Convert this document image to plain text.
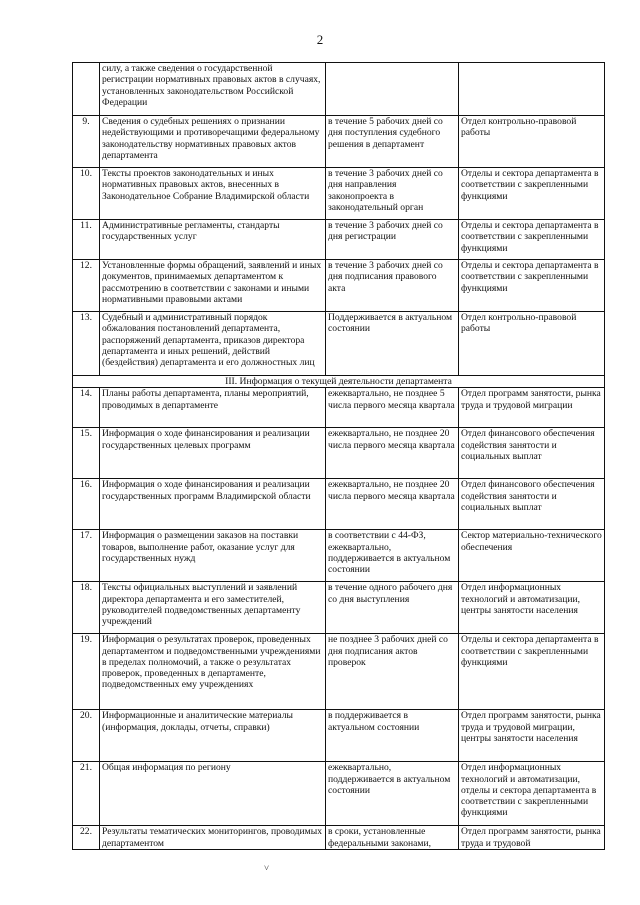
2
	силу, а также сведения о государственной регистрации нормативных правовых актов в случаях, установленных законодательством Российской Федерации		
9.	Сведения о судебных решениях о признании недействующими и противоречащими федеральному законодательству нормативных правовых актов департамента	в течение 5 рабочих дней со дня поступления судебного решения в департамент	Отдел контрольно-правовой работы
10.	Тексты проектов законодательных и иных нормативных правовых актов, внесенных в Законодательное Собрание Владимирской области	в течение 3 рабочих дней со дня направления законопроекта в законодательный орган	Отделы и сектора департамента в соответствии с закрепленными функциями
11.	Административные регламенты, стандарты государственных услуг	в течение 3 рабочих дней со дня регистрации	Отделы и сектора департамента в соответствии с закрепленными функциями
12.	Установленные формы обращений, заявлений и иных документов, принимаемых департаментом к рассмотрению в соответствии с законами и иными нормативными правовыми актами	в течение 3 рабочих дней со дня подписания правового акта	Отделы и сектора департамента в соответствии с закрепленными функциями
13.	Судебный и административный порядок обжалования постановлений департамента, распоряжений департамента, приказов директора департамента и иных решений, действий (бездействия) департамента и его должностных лиц	Поддерживается в актуальном состоянии	Отдел контрольно-правовой работы
III. Информация о текущей деятельности департамента			
14.	Планы работы департамента, планы мероприятий, проводимых в департаменте	ежеквартально, не позднее 5 числа первого месяца квартала	Отдел программ занятости, рынка труда и трудовой миграции
15.	Информация о ходе финансирования и реализации государственных целевых программ	ежеквартально, не позднее 20 числа первого месяца квартала	Отдел финансового обеспечения содействия занятости и социальных выплат
16.	Информация о ходе финансирования и реализации государственных программ Владимирской области	ежеквартально, не позднее 20 числа первого месяца квартала	Отдел финансового обеспечения содействия занятости и социальных выплат
17.	Информация о размещении заказов на поставки товаров, выполнение работ, оказание услуг для государственных нужд	в соответствии с 44-ФЗ, ежеквартально, поддерживается в актуальном состоянии	Сектор материально-технического обеспечения
18.	Тексты официальных выступлений и заявлений директора департамента и его заместителей, руководителей подведомственных департаменту учреждений	в течение одного рабочего дня со дня выступления	Отдел информационных технологий и автоматизации, центры занятости населения
19.	Информация о результатах проверок, проведенных департаментом и подведомственными учреждениями в пределах полномочий, а также о результатах проверок, проведенных в департаменте, подведомственных ему учреждениях	не позднее 3 рабочих дней со дня подписания актов проверок	Отделы и сектора департамента в соответствии с закрепленными функциями
20.	Информационные и аналитические материалы (информация, доклады, отчеты, справки)	в поддерживается в актуальном состоянии	Отдел программ занятости, рынка труда и трудовой миграции, центры занятости населения
21.	Общая информация по региону	ежеквартально, поддерживается в актуальном состоянии	Отдел информационных технологий и автоматизации, отделы и сектора департамента в соответствии с закрепленными функциями
22.	Результаты тематических мониторингов, проводимых департаментом	в сроки, установленные федеральными законами,	Отдел программ занятости, рынка труда и трудовой
˅
